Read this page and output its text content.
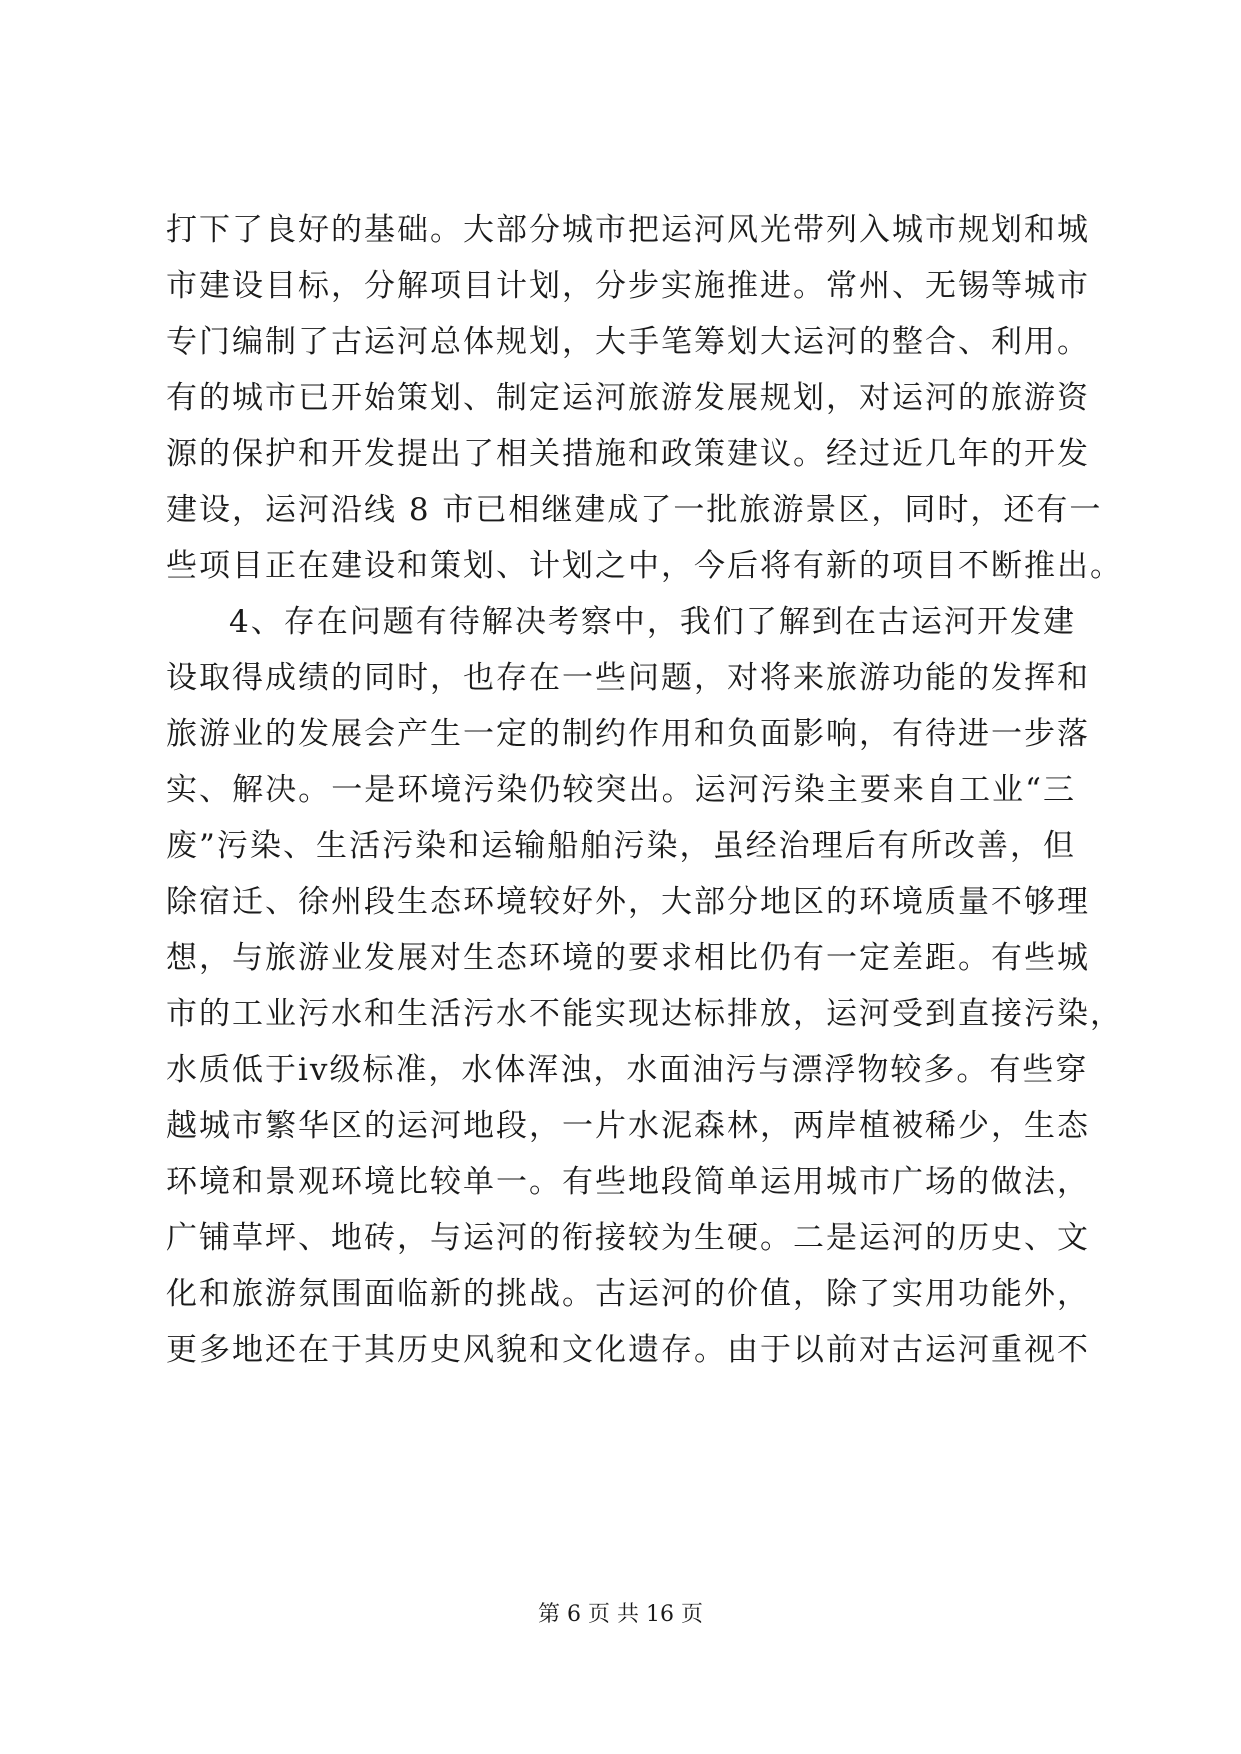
打下了良好的基础。大部分城市把运河风光带列入城市规划和城
市建设目标，分解项目计划，分步实施推进。常州、无锡等城市
专门编制了古运河总体规划，大手笔筹划大运河的整合、利用。
有的城市已开始策划、制定运河旅游发展规划，对运河的旅游资
源的保护和开发提出了相关措施和政策建议。经过近几年的开发
建设，运河沿线 8 市已相继建成了一批旅游景区，同时，还有一
些项目正在建设和策划、计划之中，今后将有新的项目不断推出。
4、存在问题有待解决考察中，我们了解到在古运河开发建
设取得成绩的同时，也存在一些问题，对将来旅游功能的发挥和
旅游业的发展会产生一定的制约作用和负面影响，有待进一步落
实、解决。一是环境污染仍较突出。运河污染主要来自工业“三
废”污染、生活污染和运输船舶污染，虽经治理后有所改善，但
除宿迁、徐州段生态环境较好外，大部分地区的环境质量不够理
想，与旅游业发展对生态环境的要求相比仍有一定差距。有些城
市的工业污水和生活污水不能实现达标排放，运河受到直接污染，
水质低于iv级标准，水体浑浊，水面油污与漂浮物较多。有些穿
越城市繁华区的运河地段，一片水泥森林，两岸植被稀少，生态
环境和景观环境比较单一。有些地段简单运用城市广场的做法，
广铺草坪、地砖，与运河的衔接较为生硬。二是运河的历史、文
化和旅游氛围面临新的挑战。古运河的价值，除了实用功能外，
更多地还在于其历史风貌和文化遗存。由于以前对古运河重视不
第 6 页 共 16 页
